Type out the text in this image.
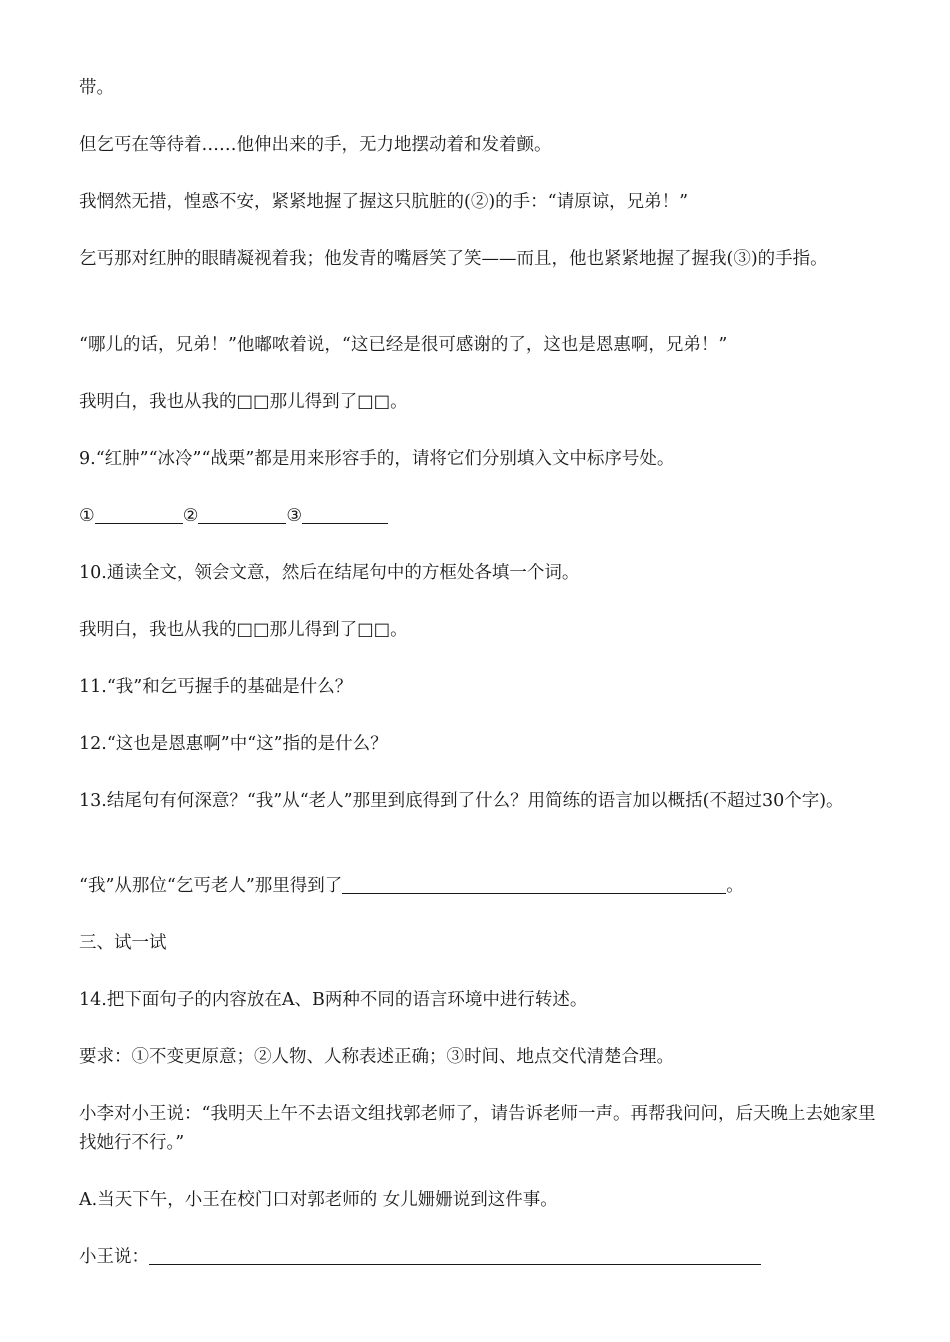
带。
但乞丐在等待着……他伸出来的手，无力地摆动着和发着颤。
我惘然无措，惶惑不安，紧紧地握了握这只肮脏的(②)的手：“请原谅，兄弟！”
乞丐那对红肿的眼睛凝视着我；他发青的嘴唇笑了笑——而且，他也紧紧地握了握我(③)的手指。
“哪儿的话，兄弟！”他嘟哝着说，“这已经是很可感谢的了，这也是恩惠啊，兄弟！”
我明白，我也从我的□□那儿得到了□□。
9.“红肿”“冰冷”“战栗”都是用来形容手的，请将它们分别填入文中标序号处。
①	②	③
10.通读全文，领会文意，然后在结尾句中的方框处各填一个词。
我明白，我也从我的□□那儿得到了□□。
11.“我”和乞丐握手的基础是什么？
12.“这也是恩惠啊”中“这”指的是什么？
13.结尾句有何深意？“我”从“老人”那里到底得到了什么？用简练的语言加以概括(不超过30个字)。
“我”从那位“乞丐老人”那里得到了	。
三、试一试
14.把下面句子的内容放在A、B两种不同的语言环境中进行转述。
要求：①不变更原意；②人物、人称表述正确；③时间、地点交代清楚合理。
小李对小王说：“我明天上午不去语文组找郭老师了，请告诉老师一声。再帮我问问，后天晚上去她家里找她行不行。”
A.当天下午，小王在校门口对郭老师的 女儿姗姗说到这件事。
小王说：
